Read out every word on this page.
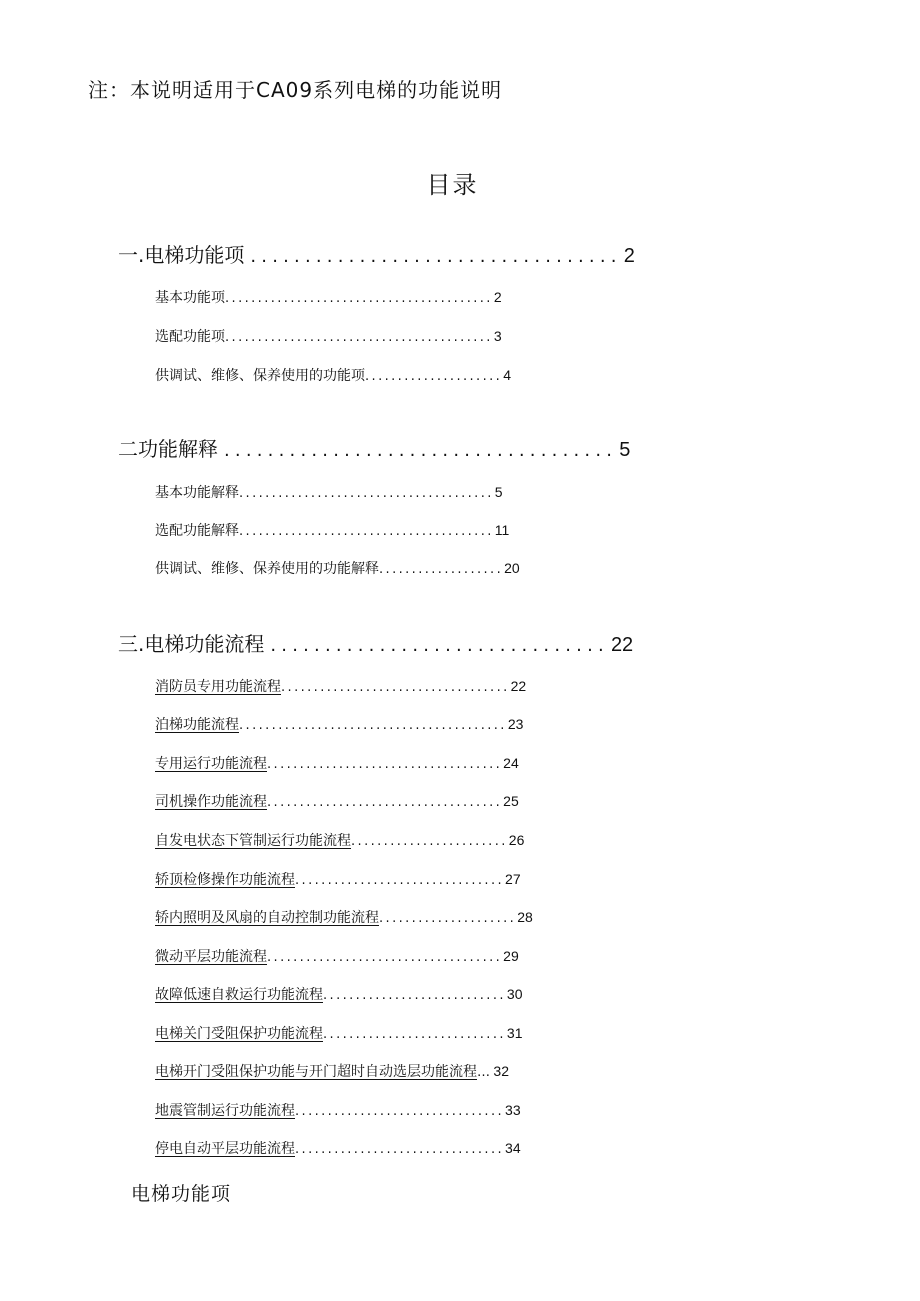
注：本说明适用于CA09系列电梯的功能说明
目录
一.电梯功能项 .................................. 2
基本功能项 ......................................... 2
选配功能项 ......................................... 3
供调试、维修、保养使用的功能项 ..................... 4
二功能解释 .................................... 5
基本功能解释 ....................................... 5
选配功能解释 ....................................... 11
供调试、维修、保养使用的功能解释 ................... 20
三.电梯功能流程 ............................... 22
消防员专用功能流程 ................................... 22
泊梯功能流程 ......................................... 23
专用运行功能流程 .................................... 24
司机操作功能流程 .................................... 25
自发电状态下管制运行功能流程 ........................ 26
轿顶检修操作功能流程 ................................ 27
轿内照明及风扇的自动控制功能流程 ..................... 28
微动平层功能流程 .................................... 29
故障低速自救运行功能流程 ............................ 30
电梯关门受阻保护功能流程 ............................ 31
电梯开门受阻保护功能与开门超时自动选层功能流程 … 32
地震管制运行功能流程 ................................ 33
停电自动平层功能流程 ................................ 34
电梯功能项
